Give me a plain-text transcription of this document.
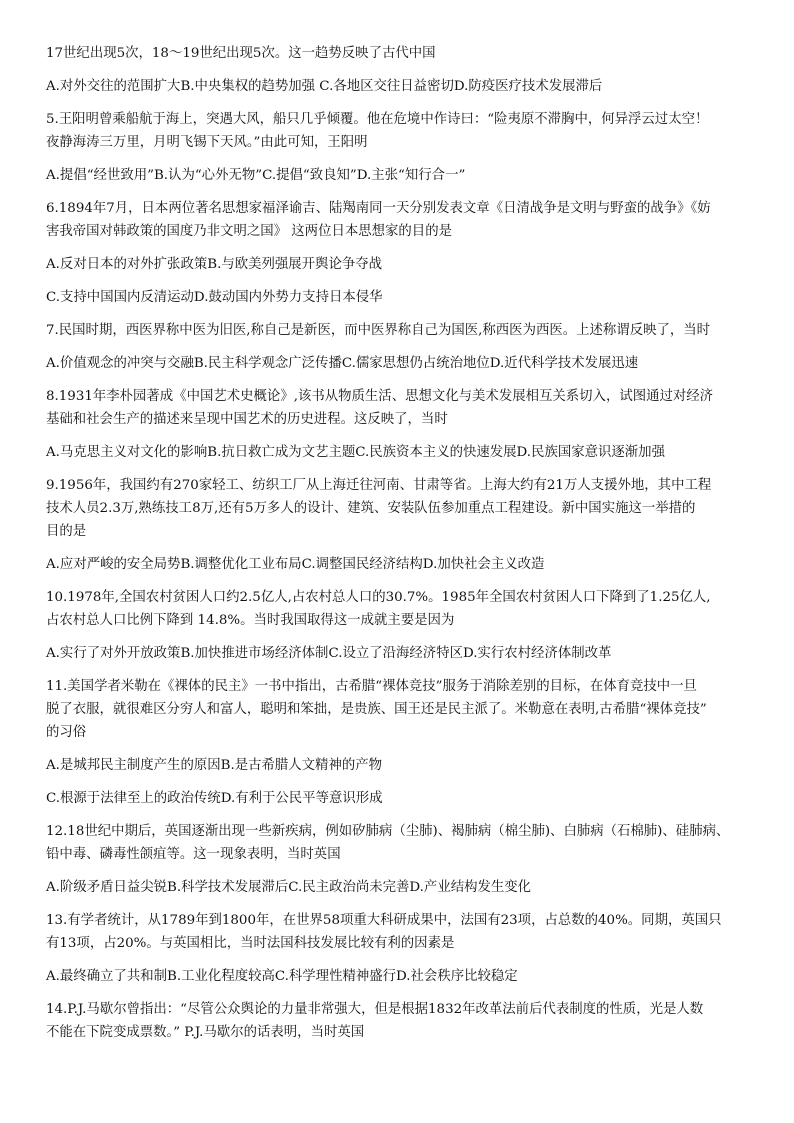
17世纪出现5次，18～19世纪出现5次。这一趋势反映了古代中国
A.对外交往的范围扩大B.中央集权的趋势加强 C.各地区交往日益密切D.防疫医疗技术发展滞后
5.王阳明曾乘船航于海上，突遇大风，船只几乎倾覆。他在危境中作诗曰：“险夷原不滞胸中，何异浮云过太空！
夜静海涛三万里，月明飞锡下天风。”由此可知，王阳明
A.提倡“经世致用”B.认为“心外无物”C.提倡“致良知”D.主张“知行合一”
6.1894年7月，日本两位著名思想家福泽谕吉、陆羯南同一天分别发表文章《日清战争是文明与野蛮的战争》《妨
害我帝国对韩政策的国度乃非文明之国》 这两位日本思想家的目的是
A.反对日本的对外扩张政策B.与欧美列强展开舆论争夺战
C.支持中国国内反清运动D.鼓动国内外势力支持日本侵华
7.民国时期，西医界称中医为旧医,称自己是新医，而中医界称自己为国医,称西医为西医。上述称谓反映了，当时
A.价值观念的冲突与交融B.民主科学观念广泛传播C.儒家思想仍占统治地位D.近代科学技术发展迅速
8.1931年李朴园著成《中国艺术史概论》,该书从物质生活、思想文化与美术发展相互关系切入，试图通过对经济
基础和社会生产的描述来呈现中国艺术的历史进程。这反映了，当时
A.马克思主义对文化的影响B.抗日救亡成为文艺主题C.民族资本主义的快速发展D.民族国家意识逐渐加强
9.1956年，我国约有270家轻工、纺织工厂从上海迁往河南、甘肃等省。上海大约有21万人支援外地，其中工程
技术人员2.3万,熟练技工8万,还有5万多人的设计、建筑、安装队伍参加重点工程建设。新中国实施这一举措的
目的是
A.应对严峻的安全局势B.调整优化工业布局C.调整国民经济结构D.加快社会主义改造
10.1978年,全国农村贫困人口约2.5亿人,占农村总人口的30.7%。1985年全国农村贫困人口下降到了1.25亿人,
占农村总人口比例下降到 14.8%。当时我国取得这一成就主要是因为
A.实行了对外开放政策B.加快推进市场经济体制C.设立了沿海经济特区D.实行农村经济体制改革
11.美国学者米勒在《裸体的民主》一书中指出，古希腊“裸体竞技”服务于消除差别的目标，在体育竞技中一旦
脱了衣服，就很难区分穷人和富人，聪明和笨拙，是贵族、国王还是民主派了。米勒意在表明,古希腊“裸体竞技”
的习俗
A.是城邦民主制度产生的原因B.是古希腊人文精神的产物
C.根源于法律至上的政治传统D.有利于公民平等意识形成
12.18世纪中期后，英国逐渐出现一些新疾病，例如矽肺病（尘肺)、褐肺病（棉尘肺)、白肺病（石棉肺)、硅肺病、
铅中毒、磷毒性颌疽等。这一现象表明，当时英国
A.阶级矛盾日益尖锐B.科学技术发展滞后C.民主政治尚未完善D.产业结构发生变化
13.有学者统计，从1789年到1800年，在世界58项重大科研成果中，法国有23项，占总数的40%。同期，英国只
有13项，占20%。与英国相比，当时法国科技发展比较有利的因素是
A.最终确立了共和制B.工业化程度较高C.科学理性精神盛行D.社会秩序比较稳定
14.P.J.马歇尔曾指出：“尽管公众舆论的力量非常强大，但是根据1832年改革法前后代表制度的性质，光是人数
不能在下院变成票数。” P.J.马歇尔的话表明，当时英国
